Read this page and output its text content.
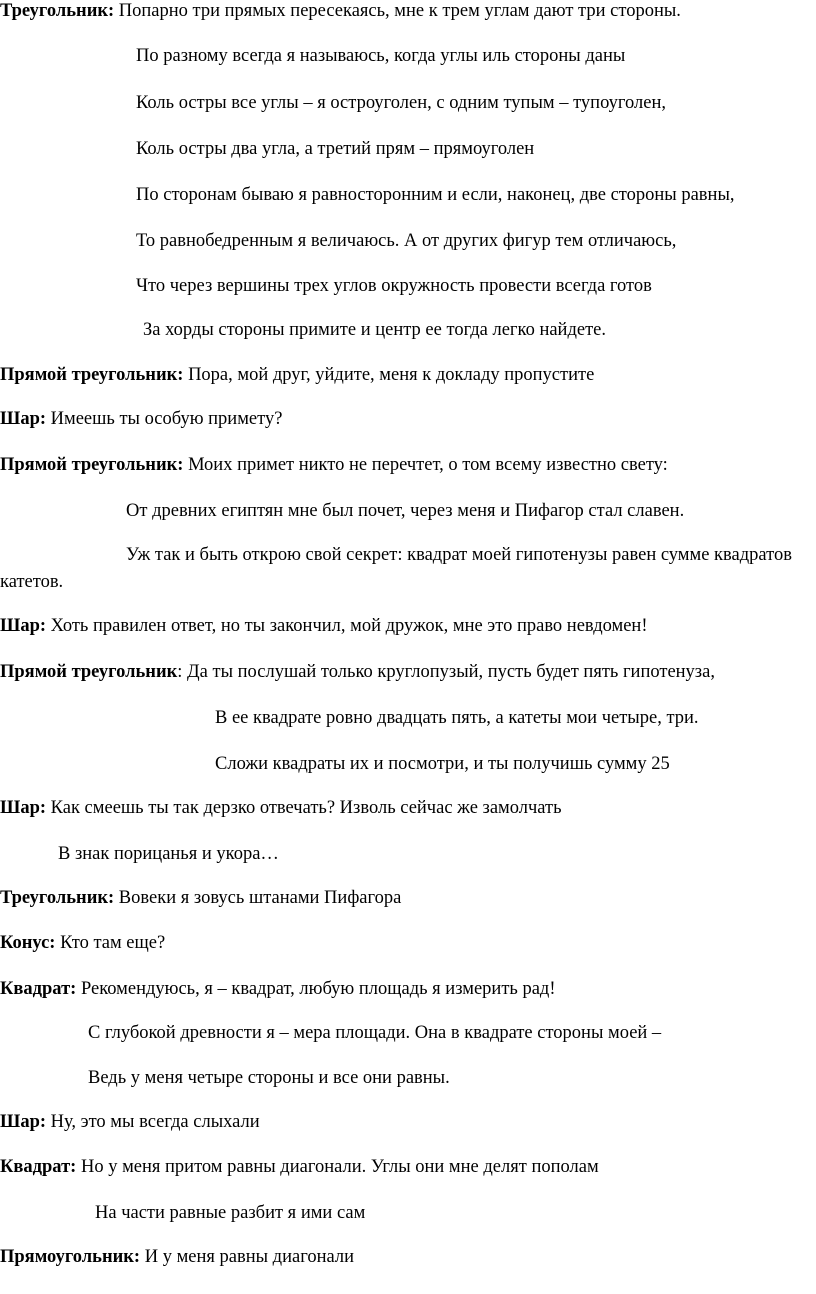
Треугольник: Попарно три прямых пересекаясь, мне к трем углам дают три стороны.
По разному всегда я называюсь, когда углы иль стороны даны
Коль остры все углы – я остроуголен, с одним тупым – тупоуголен,
Коль остры два угла, а третий прям – прямоуголен
По сторонам бываю я равносторонним и если, наконец, две стороны равны,
То равнобедренным я величаюсь. А от других фигур тем отличаюсь,
Что через вершины трех углов окружность провести всегда готов
За хорды стороны примите и центр ее тогда легко найдете.
Прямой треугольник: Пора, мой друг, уйдите, меня к докладу пропустите
Шар: Имеешь ты особую примету?
Прямой треугольник: Моих примет никто не перечтет, о том всему известно свету:
От древних египтян мне был почет, через меня и Пифагор стал славен.
Уж так и быть открою свой секрет: квадрат моей гипотенузы равен сумме квадратов катетов.
Шар: Хоть правилен ответ, но ты закончил, мой дружок, мне это право невдомен!
Прямой треугольник: Да ты послушай только круглопузый, пусть будет пять гипотенуза,
В ее квадрате ровно двадцать пять, а катеты мои четыре, три.
Сложи квадраты их и посмотри, и ты получишь сумму 25
Шар: Как смеешь ты так дерзко отвечать? Изволь сейчас же замолчать
В знак порицанья и укора…
Треугольник: Вовеки я зовусь штанами Пифагора
Конус: Кто там еще?
Квадрат: Рекомендуюсь, я – квадрат, любую площадь я измерить рад!
С глубокой древности я – мера площади. Она в квадрате стороны моей –
Ведь у меня четыре стороны и все они равны.
Шар: Ну, это мы всегда слыхали
Квадрат: Но у меня притом равны диагонали. Углы они мне делят пополам
На части равные разбит я ими сам
Прямоугольник: И у меня равны диагонали
